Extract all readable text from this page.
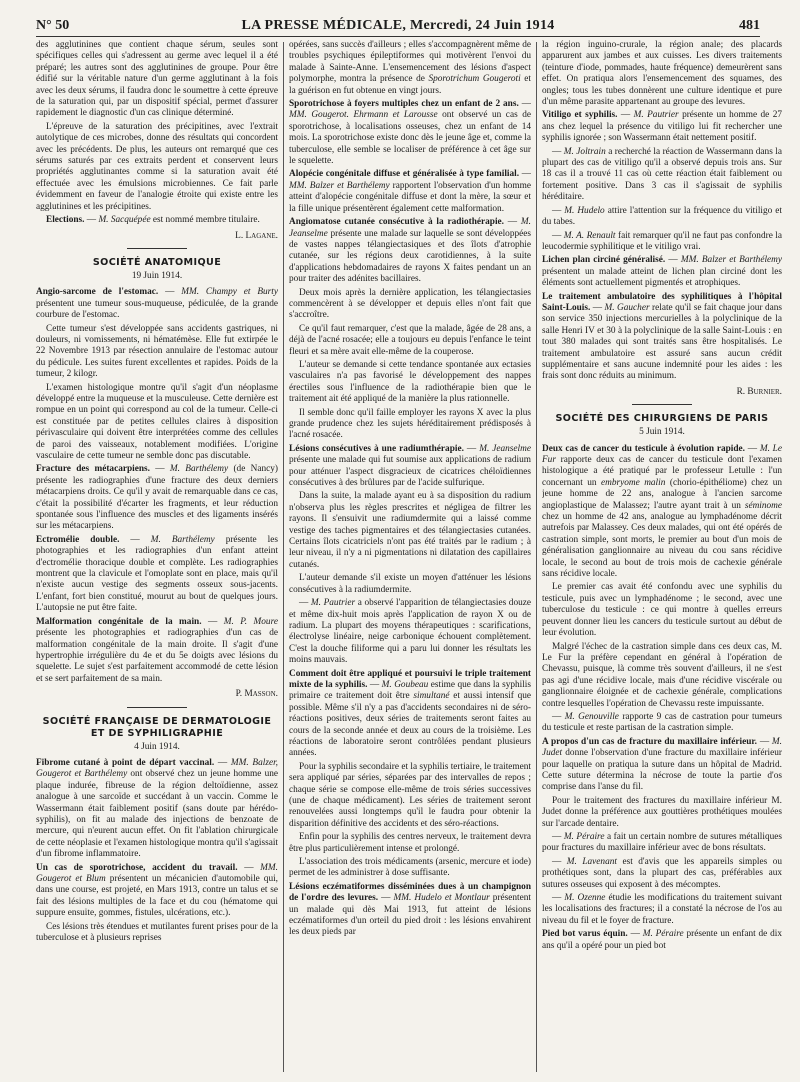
N° 50	LA PRESSE MÉDICALE, Mercredi, 24 Juin 1914	481

des agglutinines que contient chaque sérum, seules sont spécifiques celles qui s'adressent au germe avec lequel il a été préparé; les autres sont des agglutinines de groupe. Pour être édifié sur la véritable nature d'un germe agglutinant à la fois avec les deux sérums, il faudra donc le soumettre à cette épreuve de la saturation qui, par un dispositif spécial, permet d'assurer rapidement le diagnostic d'un cas clinique déterminé.

L'épreuve de la saturation des précipitines, avec l'extrait autolytique de ces microbes, donne des résultats qui concordent avec les précédents. De plus, les auteurs ont remarqué que ces sérums saturés par ces extraits perdent et conservent leurs propriétés agglutinantes comme si la saturation avait été effectuée avec les émulsions microbiennes. Ce fait parle évidemment en faveur de l'analogie étroite qui existe entre les agglutinines et les précipitines.

Elections. — M. Sacquépée est nommé membre titulaire.

L. Lagane.

SOCIÉTÉ ANATOMIQUE
19 Juin 1914.

Angio-sarcome de l'estomac. — MM. Champy et Burty présentent une tumeur sous-muqueuse, pédiculée, de la grande courbure de l'estomac.

Cette tumeur s'est développée sans accidents gastriques, ni douleurs, ni vomissements, ni hématémèse. Elle fut extirpée le 22 Novembre 1913 par résection annulaire de l'estomac autour du pédicule. Les suites furent excellentes et rapides. Poids de la tumeur, 2 kilogr.

L'examen histologique montre qu'il s'agit d'un néoplasme développé entre la muqueuse et la musculeuse. Cette dernière est rompue en un point qui correspond au col de la tumeur. Celle-ci est constituée par de petites cellules claires à disposition périvasculaire qui doivent être interprétées comme des cellules de paroi des vaisseaux, notablement modifiées. L'origine vasculaire de cette tumeur ne semble donc pas discutable.

Fracture des métacarpiens. — M. Barthélemy (de Nancy) présente les radiographies d'une fracture des deux derniers métacarpiens droits. Ce qu'il y avait de remarquable dans ce cas, c'était la possibilité d'écarter les fragments, et leur réduction spontanée sous l'influence des muscles et des ligaments insérés sur les métacarpiens.

Ectromélie double. — M. Barthélemy présente les photographies et les radiographies d'un enfant atteint d'ectromélie thoracique double et complète. Les radiographies montrent que la clavicule et l'omoplate sont en place, mais qu'il n'existe aucun vestige des segments osseux sous-jacents. L'enfant, fort bien constitué, mourut au bout de quelques jours. L'autopsie ne put être faite.

Malformation congénitale de la main. — M. P. Moure présente les photographies et radiographies d'un cas de malformation congénitale de la main droite. Il s'agit d'une hypertrophie irrégulière du 4e et du 5e doigts avec lésions du squelette. Le sujet s'est parfaitement accommodé de cette lésion et se sert parfaitement de sa main.

P. Masson.

SOCIÉTÉ FRANÇAISE DE DERMATOLOGIE ET DE SYPHILIGRAPHIE
4 Juin 1914.

Fibrome cutané à point de départ vaccinal. — MM. Balzer, Gougerot et Barthélemy ont observé chez un jeune homme une plaque indurée, fibreuse de la région deltoïdienne, assez analogue à une sarcoïde et succédant à un vaccin. Comme le Wassermann était faiblement positif (sans doute par hérédo-syphilis), on fit au malade des injections de benzoate de mercure, qui n'eurent aucun effet. On fit l'ablation chirurgicale de cette néoplasie et l'examen histologique montra qu'il s'agissait d'un fibrome inflammatoire.

Un cas de sporotrichose, accident du travail. — MM. Gougerot et Blum présentent un mécanicien d'automobile qui, dans une course, est projeté, en Mars 1913, contre un talus et se fait des lésions multiples de la face et du cou (hématome qui suppure ensuite, gommes, fistules, ulcérations, etc.).

Ces lésions très étendues et mutilantes furent prises pour de la tuberculose et à plusieurs reprises

opérées, sans succès d'ailleurs ; elles s'accompagnèrent même de troubles psychiques épileptiformes qui motivèrent l'envoi du malade à Sainte-Anne. L'ensemencement des lésions d'aspect polymorphe, montra la présence de Sporotrichum Gougeroti et la guérison en fut obtenue en vingt jours.

Sporotrichose à foyers multiples chez un enfant de 2 ans. — MM. Gougerot. Ehrmann et Larousse ont observé un cas de sporotrichose, à localisations osseuses, chez un enfant de 14 mois. La sporotrichose existe donc dès le jeune âge et, comme la tuberculose, elle semble se localiser de préférence à cet âge sur le squelette.

Alopécie congénitale diffuse et généralisée à type familial. — MM. Balzer et Barthélemy rapportent l'observation d'un homme atteint d'alopécie congénitale diffuse et dont la mère, la sœur et la fille unique présentèrent également cette malformation.

Angiomatose cutanée consécutive à la radiothérapie. — M. Jeanselme présente une malade sur laquelle se sont développées de vastes nappes télangiectasiques et des îlots d'atrophie cutanée, sur les régions deux carotidiennes, à la suite d'applications hebdomadaires de rayons X faites pendant un an pour traiter des adénites bacillaires.

Deux mois après la dernière application, les télangiectasies commencèrent à se développer et depuis elles n'ont fait que s'accroître.

Ce qu'il faut remarquer, c'est que la malade, âgée de 28 ans, a déjà de l'acné rosacée; elle a toujours eu depuis l'enfance le teint fleuri et sa mère avait elle-même de la couperose.

L'auteur se demande si cette tendance spontanée aux ectasies vasculaires n'a pas favorisé le développement des nappes érectiles sous l'influence de la radiothérapie bien que le traitement ait été appliqué de la manière la plus rationnelle.

Il semble donc qu'il faille employer les rayons X avec la plus grande prudence chez les sujets héréditairement prédisposés à l'acné rosacée.

Lésions consécutives à une radiumthérapie. — M. Jeanselme présente une malade qui fut soumise aux applications de radium pour atténuer l'aspect disgracieux de cicatrices chéloïdiennes consécutives à des brûlures par de l'acide sulfurique.

Dans la suite, la malade ayant eu à sa disposition du radium n'observa plus les règles prescrites et négligea de filtrer les rayons. Il s'ensuivit une radiumdermite qui a laissé comme vestige des taches pigmentaires et des télangiectasies cutanées. Certains îlots cicatriciels n'ont pas été traités par le radium ; à leur niveau, il n'y a ni pigmentations ni dilatation des capillaires cutanés.

L'auteur demande s'il existe un moyen d'atténuer les lésions consécutives à la radiumdermite.

— M. Pautrier a observé l'apparition de télangiectasies douze et même dix-huit mois après l'application de rayon X ou de radium. La plupart des moyens thérapeutiques : scarifications, électrolyse linéaire, neige carbonique échouent complètement. C'est la douche filiforme qui a paru lui donner les résultats les moins mauvais.

Comment doit être appliqué et poursuivi le triple traitement mixte de la syphilis. — M. Goubeau estime que dans la syphilis primaire ce traitement doit être simultané et aussi intensif que possible. Même s'il n'y a pas d'accidents secondaires ni de séro-réactions positives, deux séries de traitements seront faites au cours de la seconde année et deux au cours de la troisième. Les réactions de laboratoire seront contrôlées pendant plusieurs années.

Pour la syphilis secondaire et la syphilis tertiaire, le traitement sera appliqué par séries, séparées par des intervalles de repos ; chaque série se compose elle-même de trois séries successives (une de chaque médicament). Les séries de traitement seront renouvelées aussi longtemps qu'il le faudra pour obtenir la disparition définitive des accidents et des séro-réactions.

Enfin pour la syphilis des centres nerveux, le traitement devra être plus particulièrement intense et prolongé.

L'association des trois médicaments (arsenic, mercure et iode) permet de les administrer à dose suffisante.

Lésions eczématiformes disséminées dues à un champignon de l'ordre des levures. — MM. Hudelo et Montlaur présentent un malade qui dès Mai 1913, fut atteint de lésions eczématiformes d'un orteil du pied droit : les lésions envahirent les deux pieds par

la région inguino-crurale, la région anale; des placards apparurent aux jambes et aux cuisses. Les divers traitements (teinture d'iode, pommades, haute fréquence) demeurèrent sans effet. On pratiqua alors l'ensemencement des squames, des ongles; tous les tubes donnèrent une culture identique et pure d'un même parasite appartenant au groupe des levures.

Vitiligo et syphilis. — M. Pautrier présente un homme de 27 ans chez lequel la présence du vitiligo lui fit rechercher une syphilis ignorée ; son Wassermann était nettement positif.

— M. Joltrain a recherché la réaction de Wassermann dans la plupart des cas de vitiligo qu'il a observé depuis trois ans. Sur 18 cas il a trouvé 11 cas où cette réaction était faiblement ou fortement positive. Dans 3 cas il s'agissait de syphilis héréditaire.

— M. Hudelo attire l'attention sur la fréquence du vitiligo et du tabes.

— M. A. Renault fait remarquer qu'il ne faut pas confondre la leucodermie syphilitique et le vitiligo vrai.

Lichen plan circiné généralisé. — MM. Balzer et Barthélemy présentent un malade atteint de lichen plan circiné dont les éléments sont actuellement pigmentés et atrophiques.

Le traitement ambulatoire des syphilitiques à l'hôpital Saint-Louis. — M. Gaucher relate qu'il se fait chaque jour dans son service 350 injections mercurielles à la polyclinique de la salle Henri IV et 30 à la polyclinique de la salle Saint-Louis : en tout 380 malades qui sont traités sans être hospitalisés. Le traitement ambulatoire est assuré sans aucun crédit supplémentaire et sans aucune indemnité pour les aides : les frais sont donc réduits au minimum.

R. Burnier.

SOCIÉTÉ DES CHIRURGIENS DE PARIS
5 Juin 1914.

Deux cas de cancer du testicule à évolution rapide. — M. Le Fur rapporte deux cas de cancer du testicule dont l'examen histologique a été pratiqué par le professeur Letulle : l'un concernant un embryome malin (chorio-épithéliome) chez un jeune homme de 22 ans, analogue à l'ancien sarcome angioplastique de Malassez; l'autre ayant trait à un séminome chez un homme de 42 ans, analogue au lymphadénome décrit autrefois par Malassey. Ces deux malades, qui ont été opérés de castration simple, sont morts, le premier au bout d'un mois de généralisation ganglionnaire au niveau du cou sans récidive locale, le second au bout de trois mois de cachexie générale sans récidive locale.

Le premier cas avait été confondu avec une syphilis du testicule, puis avec un lymphadénome ; le second, avec une tuberculose du testicule : ce qui montre à quelles erreurs peuvent donner lieu les cancers du testicule surtout au début de leur évolution.

Malgré l'échec de la castration simple dans ces deux cas, M. Le Fur la préfère cependant en général à l'opération de Chevassu, puisque, là comme très souvent d'ailleurs, il ne s'est pas agi d'une récidive locale, mais d'une récidive viscérale ou ganglionnaire éloignée et de cachexie générale, complications contre lesquelles l'opération de Chevassu reste impuissante.

— M. Genouville rapporte 9 cas de castration pour tumeurs du testicule et reste partisan de la castration simple.

A propos d'un cas de fracture du maxillaire inférieur. — M. Judet donne l'observation d'une fracture du maxillaire inférieur pour laquelle on pratiqua la suture dans un hôpital de Madrid. Cette suture détermina la nécrose de toute la partie d'os comprise dans l'anse du fil.

Pour le traitement des fractures du maxillaire inférieur M. Judet donne la préférence aux gouttières prothétiques moulées sur l'arcade dentaire.

— M. Péraire a fait un certain nombre de sutures métalliques pour fractures du maxillaire inférieur avec de bons résultats.

— M. Lavenant est d'avis que les appareils simples ou prothétiques sont, dans la plupart des cas, préférables aux sutures osseuses qui exposent à des mécomptes.

— M. Ozenne étudie les modifications du traitement suivant les localisations des fractures; il a constaté la nécrose de l'os au niveau du fil et le foyer de fracture.

Pied bot varus équin. — M. Péraire présente un enfant de dix ans qu'il a opéré pour un pied bot
